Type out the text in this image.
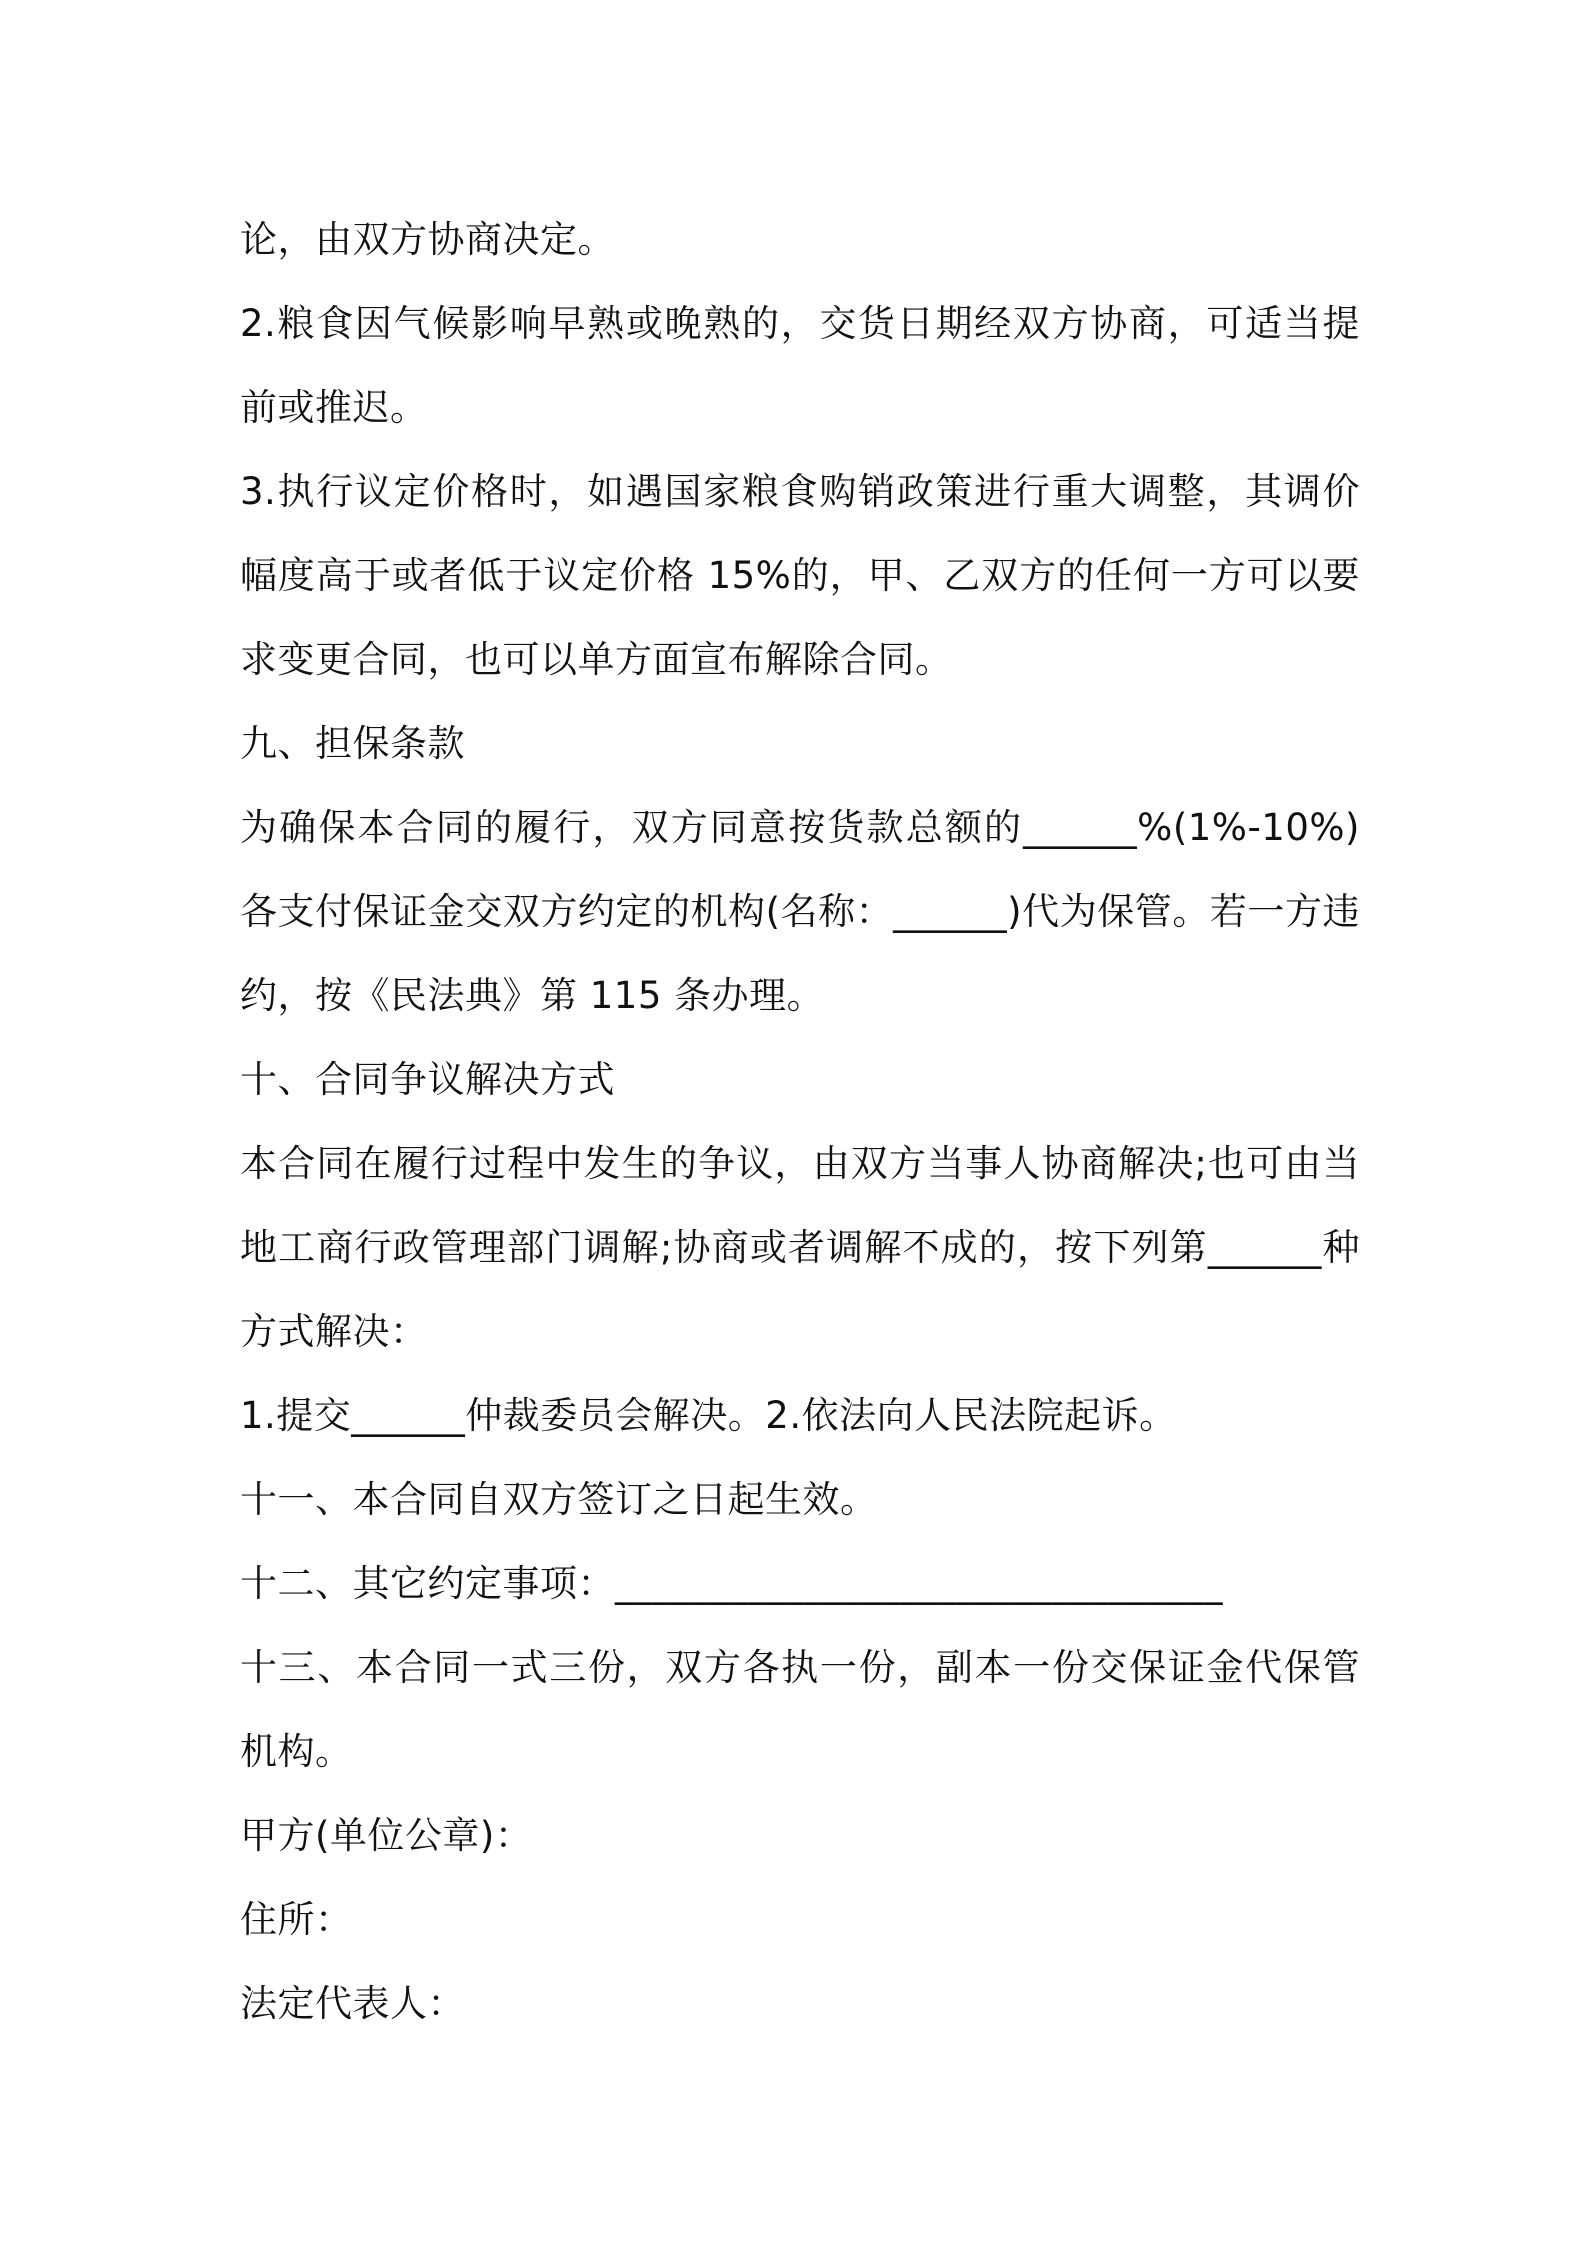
论，由双方协商决定。

2.粮食因气候影响早熟或晚熟的，交货日期经双方协商，可适当提前或推迟。

3.执行议定价格时，如遇国家粮食购销政策进行重大调整，其调价幅度高于或者低于议定价格 15%的，甲、乙双方的任何一方可以要求变更合同，也可以单方面宣布解除合同。

九、担保条款

为确保本合同的履行，双方同意按货款总额的______%(1%-10%)各支付保证金交双方约定的机构(名称：______)代为保管。若一方违约，按《民法典》第 115 条办理。

十、合同争议解决方式

本合同在履行过程中发生的争议，由双方当事人协商解决;也可由当地工商行政管理部门调解;协商或者调解不成的，按下列第______种方式解决：

1.提交______仲裁委员会解决。2.依法向人民法院起诉。

十一、本合同自双方签订之日起生效。

十二、其它约定事项：________________________________

十三、本合同一式三份，双方各执一份，副本一份交保证金代保管机构。

甲方(单位公章)：

住所：

法定代表人：
